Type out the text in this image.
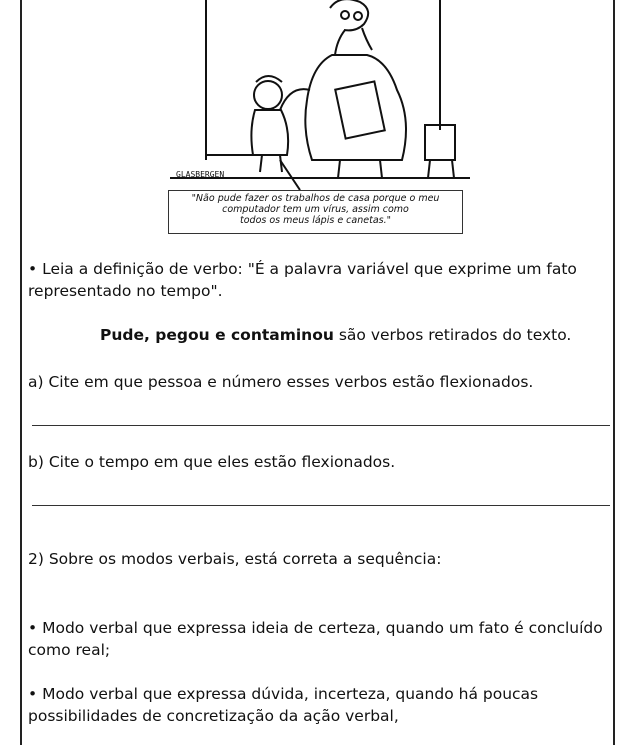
GLASBERGEN
"Não pude fazer os trabalhos de casa porque o meu
computador tem um vírus, assim como
todos os meus lápis e canetas."
• Leia a definição de verbo: "É a palavra variável que exprime um fato
representado no tempo".
Pude, pegou e contaminou são verbos retirados do texto.
a) Cite em que pessoa e número esses verbos estão flexionados.
b) Cite o tempo em que eles estão flexionados.
2) Sobre os modos verbais, está correta a sequência:
• Modo verbal que expressa ideia de certeza, quando um fato é concluído
como real;
• Modo verbal que expressa dúvida, incerteza, quando há poucas
possibilidades de concretização da ação verbal,
